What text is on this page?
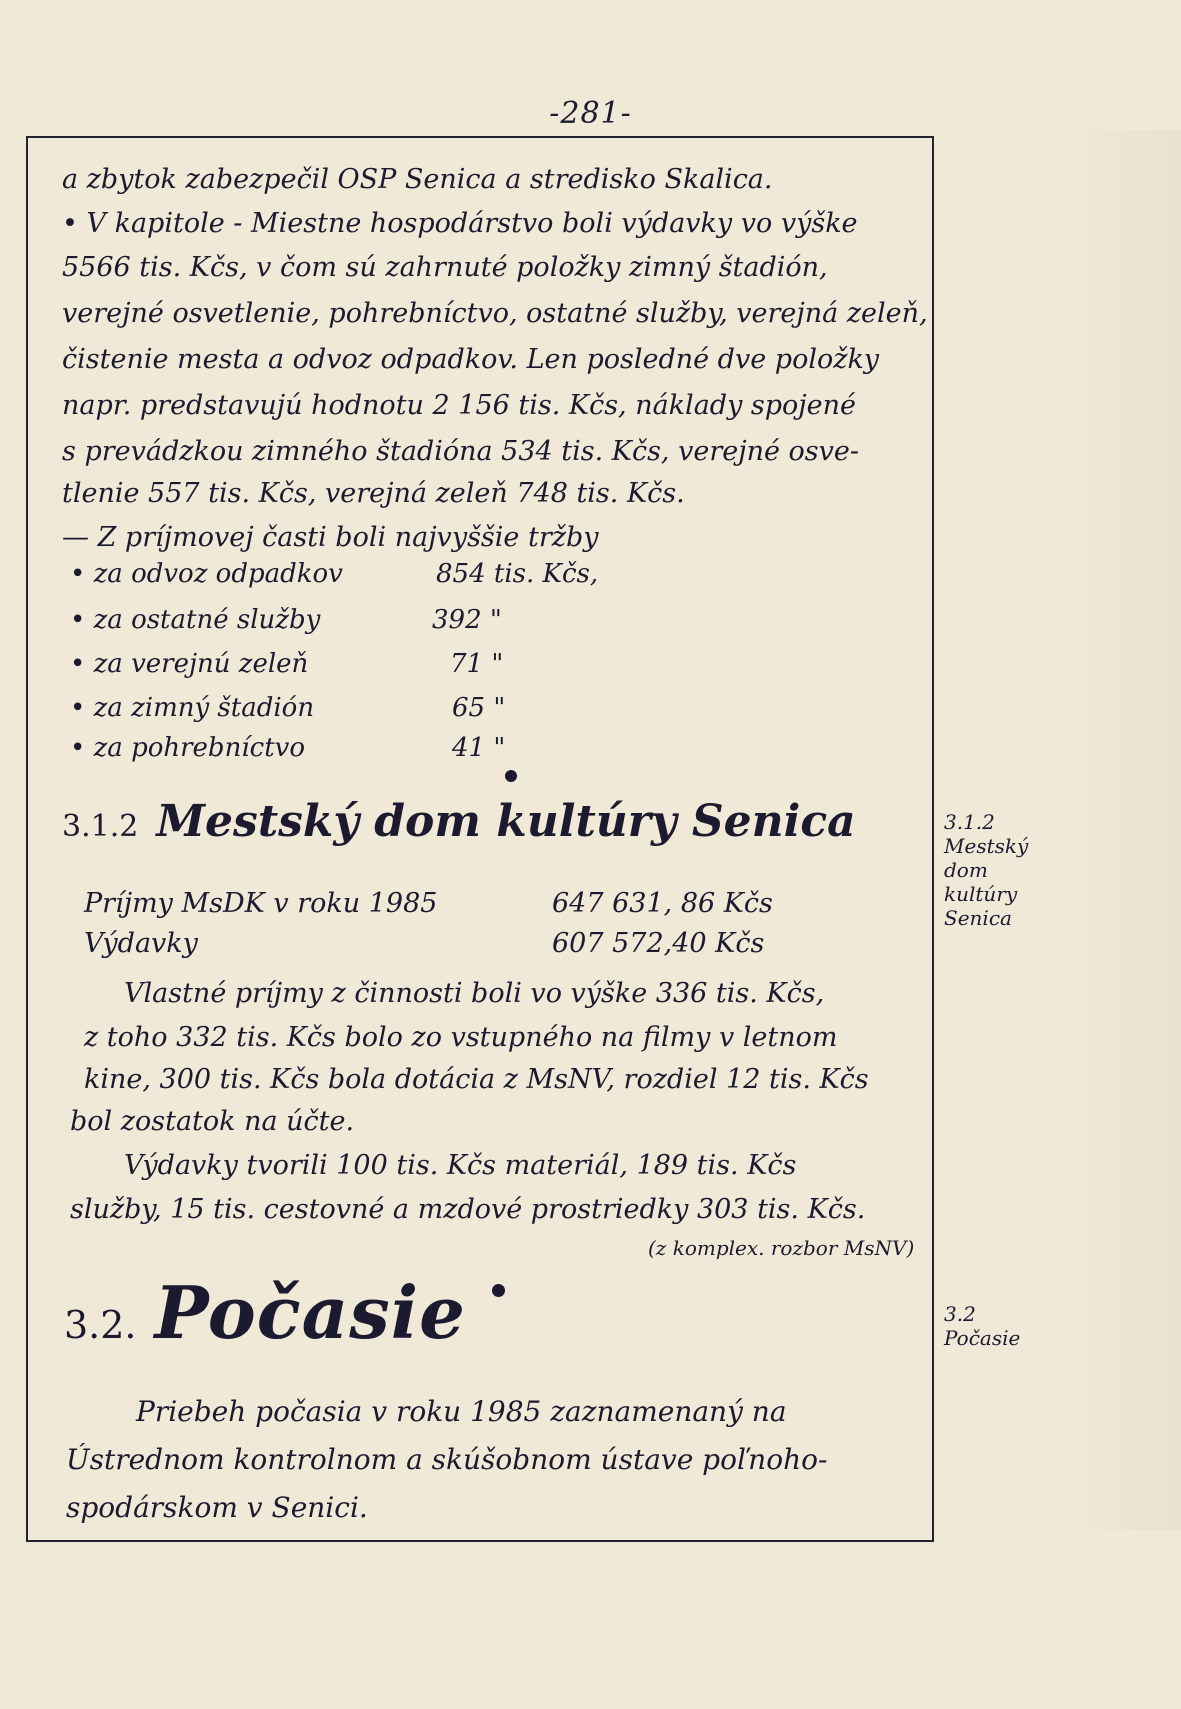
-281-
a zbytok zabezpečil OSP Senica a stredisko Skalica.
• V kapitole - Miestne hospodárstvo boli výdavky vo výške
5566 tis. Kčs, v čom sú zahrnuté položky zimný štadión,
verejné osvetlenie, pohrebníctvo, ostatné služby, verejná zeleň,
čistenie mesta a odvoz odpadkov. Len posledné dve položky
napr. predstavujú hodnotu 2 156 tis. Kčs, náklady spojené
s prevádzkou zimného štadióna 534 tis. Kčs, verejné osve-
tlenie 557 tis. Kčs, verejná zeleň 748 tis. Kčs.
— Z príjmovej časti boli najvyššie tržby
• za odvoz odpadkov	854 tis. Kčs,
• za ostatné služby	392 "
• za verejnú zeleň	71 "
• za zimný štadión	65 "
• za pohrebníctvo	41 "
3.1.2 Mestský dom kultúry Senica
Príjmy MsDK v roku 1985	647 631, 86 Kčs
Výdavky	607 572,40 Kčs
Vlastné príjmy z činnosti boli vo výške 336 tis. Kčs,
z toho 332 tis. Kčs bolo zo vstupného na filmy v letnom
kine, 300 tis. Kčs bola dotácia z MsNV, rozdiel 12 tis. Kčs
bol zostatok na účte.
Výdavky tvorili 100 tis. Kčs materiál, 189 tis. Kčs
služby, 15 tis. cestovné a mzdové prostriedky 303 tis. Kčs.
(z komplex. rozbor MsNV)
3.2. Počasie
Priebeh počasia v roku 1985 zaznamenaný na
Ústrednom kontrolnom a skúšobnom ústave poľnoho-
spodárskom v Senici.
3.1.2
Mestský
dom
kultúry
Senica
3.2
Počasie
